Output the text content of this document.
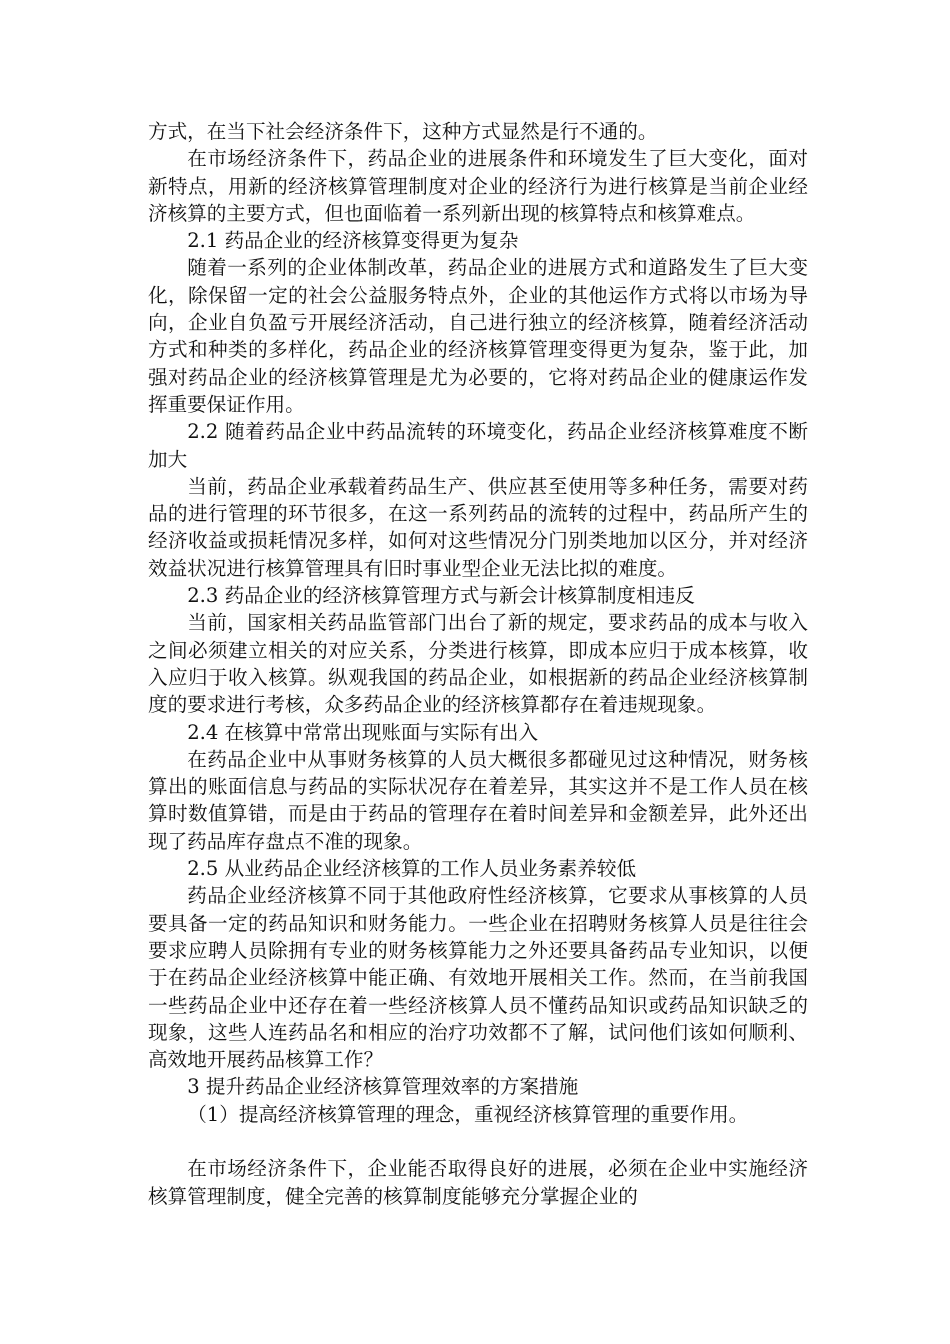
方式，在当下社会经济条件下，这种方式显然是行不通的。

在市场经济条件下，药品企业的进展条件和环境发生了巨大变化，面对新特点，用新的经济核算管理制度对企业的经济行为进行核算是当前企业经济核算的主要方式，但也面临着一系列新出现的核算特点和核算难点。

2.1 药品企业的经济核算变得更为复杂

随着一系列的企业体制改革，药品企业的进展方式和道路发生了巨大变化，除保留一定的社会公益服务特点外，企业的其他运作方式将以市场为导向，企业自负盈亏开展经济活动，自己进行独立的经济核算，随着经济活动方式和种类的多样化，药品企业的经济核算管理变得更为复杂，鉴于此，加强对药品企业的经济核算管理是尤为必要的，它将对药品企业的健康运作发挥重要保证作用。

2.2 随着药品企业中药品流转的环境变化，药品企业经济核算难度不断加大

当前，药品企业承载着药品生产、供应甚至使用等多种任务，需要对药品的进行管理的环节很多，在这一系列药品的流转的过程中，药品所产生的经济收益或损耗情况多样，如何对这些情况分门别类地加以区分，并对经济效益状况进行核算管理具有旧时事业型企业无法比拟的难度。

2.3 药品企业的经济核算管理方式与新会计核算制度相违反

当前，国家相关药品监管部门出台了新的规定，要求药品的成本与收入之间必须建立相关的对应关系，分类进行核算，即成本应归于成本核算，收入应归于收入核算。纵观我国的药品企业，如根据新的药品企业经济核算制度的要求进行考核，众多药品企业的经济核算都存在着违规现象。

2.4 在核算中常常出现账面与实际有出入

在药品企业中从事财务核算的人员大概很多都碰见过这种情况，财务核算出的账面信息与药品的实际状况存在着差异，其实这并不是工作人员在核算时数值算错，而是由于药品的管理存在着时间差异和金额差异，此外还出现了药品库存盘点不准的现象。

2.5 从业药品企业经济核算的工作人员业务素养较低

药品企业经济核算不同于其他政府性经济核算，它要求从事核算的人员要具备一定的药品知识和财务能力。一些企业在招聘财务核算人员是往往会要求应聘人员除拥有专业的财务核算能力之外还要具备药品专业知识，以便于在药品企业经济核算中能正确、有效地开展相关工作。然而，在当前我国一些药品企业中还存在着一些经济核算人员不懂药品知识或药品知识缺乏的现象，这些人连药品名和相应的治疗功效都不了解，试问他们该如何顺利、高效地开展药品核算工作？

3 提升药品企业经济核算管理效率的方案措施

（1）提高经济核算管理的理念，重视经济核算管理的重要作用。

在市场经济条件下，企业能否取得良好的进展，必须在企业中实施经济核算管理制度，健全完善的核算制度能够充分掌握企业的
